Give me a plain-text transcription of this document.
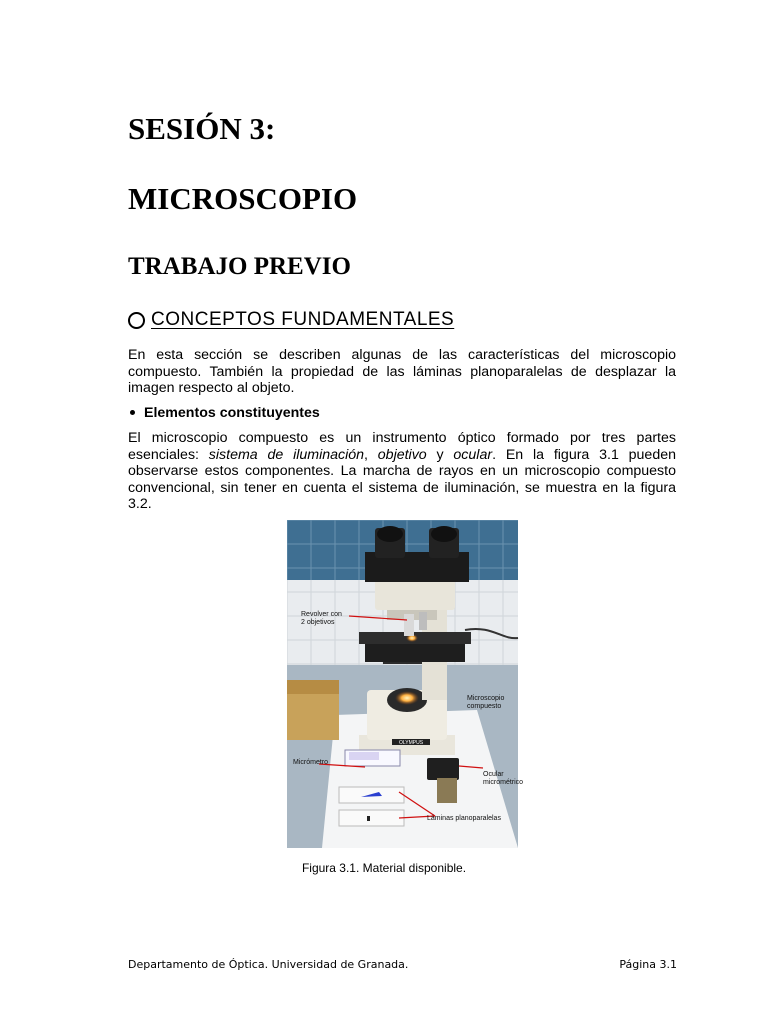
SESIÓN 3:
MICROSCOPIO
TRABAJO PREVIO
CONCEPTOS FUNDAMENTALES

En esta sección se describen algunas de las características del microscopio compuesto. También la propiedad de las láminas planoparalelas de desplazar la imagen respecto al objeto.

Elementos constituyentes

El microscopio compuesto es un instrumento óptico formado por tres partes esenciales: sistema de iluminación, objetivo y ocular. En la figura 3.1 pueden observarse estos componentes. La marcha de rayos en un microscopio compuesto convencional, sin tener en cuenta el sistema de iluminación, se muestra en la figura 3.2.

OLYMPUS
Revolver con
2 objetivos
Microscopio
compuesto
Micrómetro
Ocular
micrométrico
Láminas planoparalelas
Figura 3.1. Material disponible.
Departamento de Óptica. Universidad de Granada.	Página 3.1
